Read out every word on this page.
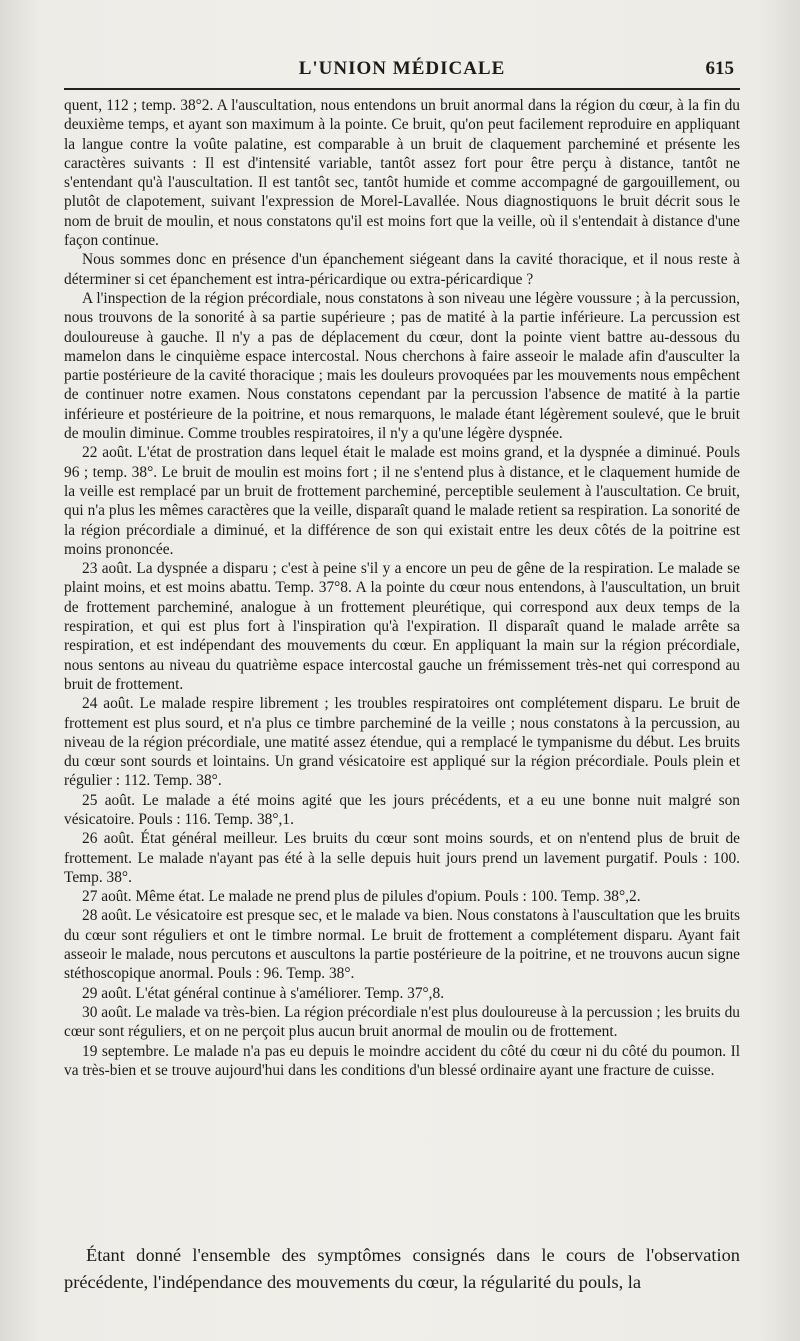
L'UNION MÉDICALE	615

quent, 112 ; temp. 38°2. A l'auscultation, nous entendons un bruit anormal dans la région du cœur, à la fin du deuxième temps, et ayant son maximum à la pointe. Ce bruit, qu'on peut facilement reproduire en appliquant la langue contre la voûte palatine, est comparable à un bruit de claquement parcheminé et présente les caractères suivants : Il est d'intensité variable, tantôt assez fort pour être perçu à distance, tantôt ne s'entendant qu'à l'auscultation. Il est tantôt sec, tantôt humide et comme accompagné de gargouillement, ou plutôt de clapotement, suivant l'expression de Morel-Lavallée. Nous diagnostiquons le bruit décrit sous le nom de bruit de moulin, et nous constatons qu'il est moins fort que la veille, où il s'entendait à distance d'une façon continue.

Nous sommes donc en présence d'un épanchement siégeant dans la cavité thoracique, et il nous reste à déterminer si cet épanchement est intra-péricardique ou extra-péricardique ?

A l'inspection de la région précordiale, nous constatons à son niveau une légère voussure ; à la percussion, nous trouvons de la sonorité à sa partie supérieure ; pas de matité à la partie inférieure. La percussion est douloureuse à gauche. Il n'y a pas de déplacement du cœur, dont la pointe vient battre au-dessous du mamelon dans le cinquième espace intercostal. Nous cherchons à faire asseoir le malade afin d'ausculter la partie postérieure de la cavité thoracique ; mais les douleurs provoquées par les mouvements nous empêchent de continuer notre examen. Nous constatons cependant par la percussion l'absence de matité à la partie inférieure et postérieure de la poitrine, et nous remarquons, le malade étant légèrement soulevé, que le bruit de moulin diminue. Comme troubles respiratoires, il n'y a qu'une légère dyspnée.

22 août. L'état de prostration dans lequel était le malade est moins grand, et la dyspnée a diminué. Pouls 96 ; temp. 38°. Le bruit de moulin est moins fort ; il ne s'entend plus à distance, et le claquement humide de la veille est remplacé par un bruit de frottement parcheminé, perceptible seulement à l'auscultation. Ce bruit, qui n'a plus les mêmes caractères que la veille, disparaît quand le malade retient sa respiration. La sonorité de la région précordiale a diminué, et la différence de son qui existait entre les deux côtés de la poitrine est moins prononcée.

23 août. La dyspnée a disparu ; c'est à peine s'il y a encore un peu de gêne de la respiration. Le malade se plaint moins, et est moins abattu. Temp. 37°8. A la pointe du cœur nous entendons, à l'auscultation, un bruit de frottement parcheminé, analogue à un frottement pleurétique, qui correspond aux deux temps de la respiration, et qui est plus fort à l'inspiration qu'à l'expiration. Il disparaît quand le malade arrête sa respiration, et est indépendant des mouvements du cœur. En appliquant la main sur la région précordiale, nous sentons au niveau du quatrième espace intercostal gauche un frémissement très-net qui correspond au bruit de frottement.

24 août. Le malade respire librement ; les troubles respiratoires ont complétement disparu. Le bruit de frottement est plus sourd, et n'a plus ce timbre parcheminé de la veille ; nous constatons à la percussion, au niveau de la région précordiale, une matité assez étendue, qui a remplacé le tympanisme du début. Les bruits du cœur sont sourds et lointains. Un grand vésicatoire est appliqué sur la région précordiale. Pouls plein et régulier : 112. Temp. 38°.

25 août. Le malade a été moins agité que les jours précédents, et a eu une bonne nuit malgré son vésicatoire. Pouls : 116. Temp. 38°,1.

26 août. État général meilleur. Les bruits du cœur sont moins sourds, et on n'entend plus de bruit de frottement. Le malade n'ayant pas été à la selle depuis huit jours prend un lavement purgatif. Pouls : 100. Temp. 38°.

27 août. Même état. Le malade ne prend plus de pilules d'opium. Pouls : 100. Temp. 38°,2.

28 août. Le vésicatoire est presque sec, et le malade va bien. Nous constatons à l'auscultation que les bruits du cœur sont réguliers et ont le timbre normal. Le bruit de frottement a complétement disparu. Ayant fait asseoir le malade, nous percutons et auscultons la partie postérieure de la poitrine, et ne trouvons aucun signe stéthoscopique anormal. Pouls : 96. Temp. 38°.

29 août. L'état général continue à s'améliorer. Temp. 37°,8.

30 août. Le malade va très-bien. La région précordiale n'est plus douloureuse à la percussion ; les bruits du cœur sont réguliers, et on ne perçoit plus aucun bruit anormal de moulin ou de frottement.

19 septembre. Le malade n'a pas eu depuis le moindre accident du côté du cœur ni du côté du poumon. Il va très-bien et se trouve aujourd'hui dans les conditions d'un blessé ordinaire ayant une fracture de cuisse.

Étant donné l'ensemble des symptômes consignés dans le cours de l'observation précédente, l'indépendance des mouvements du cœur, la régularité du pouls, la
